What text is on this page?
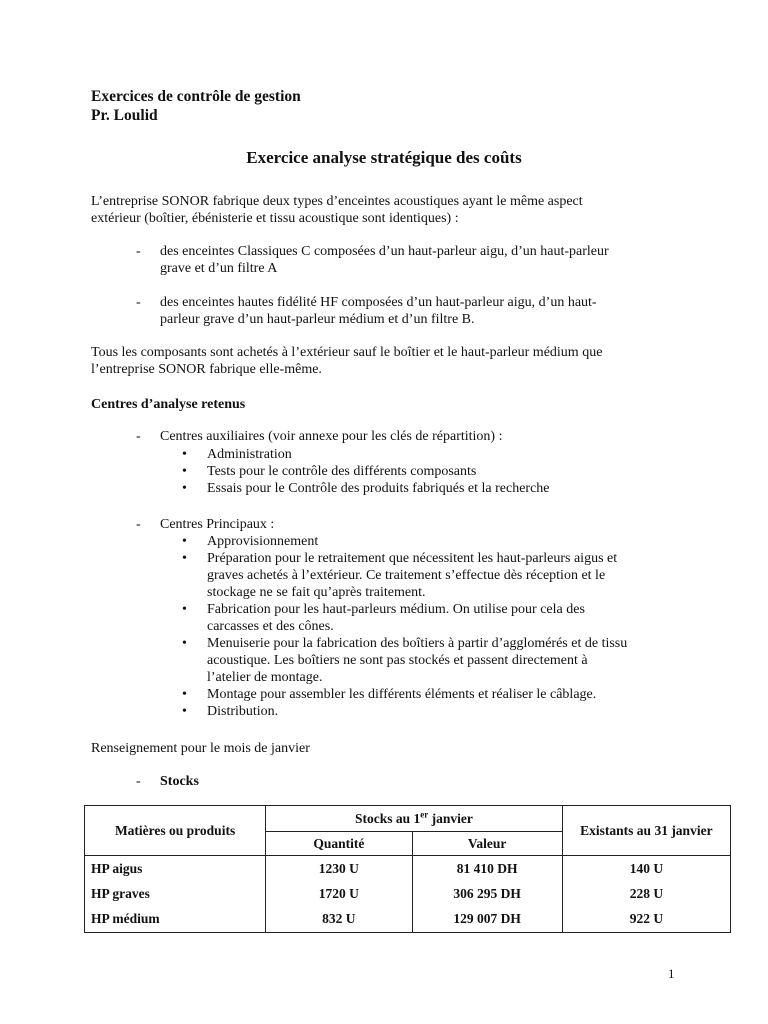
Exercices de contrôle de gestion
Pr. Loulid
Exercice analyse stratégique des coûts
L’entreprise SONOR fabrique deux types d’enceintes acoustiques ayant le même aspect
extérieur (boîtier, ébénisterie et tissu acoustique sont identiques) :
- des enceintes Classiques C composées d’un haut-parleur aigu, d’un haut-parleur
grave et d’un filtre A
- des enceintes hautes fidélité HF composées d’un haut-parleur aigu, d’un haut-
parleur grave d’un haut-parleur médium et d’un filtre B.
Tous les composants sont achetés à l’extérieur sauf le boîtier et le haut-parleur médium que
l’entreprise SONOR fabrique elle-même.
Centres d’analyse retenus
- Centres auxiliaires (voir annexe pour les clés de répartition) :
• Administration
• Tests pour le contrôle des différents composants
• Essais pour le Contrôle des produits fabriqués et la recherche
- Centres Principaux :
• Approvisionnement
• Préparation pour le retraitement que nécessitent les haut-parleurs aigus et
graves achetés à l’extérieur. Ce traitement s’effectue dès réception et le
stockage ne se fait qu’après traitement.
• Fabrication pour les haut-parleurs médium. On utilise pour cela des
carcasses et des cônes.
• Menuiserie pour la fabrication des boîtiers à partir d’agglomérés et de tissu
acoustique. Les boîtiers ne sont pas stockés et passent directement à
l’atelier de montage.
• Montage pour assembler les différents éléments et réaliser le câblage.
• Distribution.
Renseignement pour le mois de janvier
- Stocks
Matières ou produits	Stocks au 1er janvier		Existants au 31 janvier
	Quantité	Valeur	
HP aigus	1230 U	81 410 DH	140 U
HP graves	1720 U	306 295 DH	228 U
HP médium	832 U	129 007 DH	922 U
1
